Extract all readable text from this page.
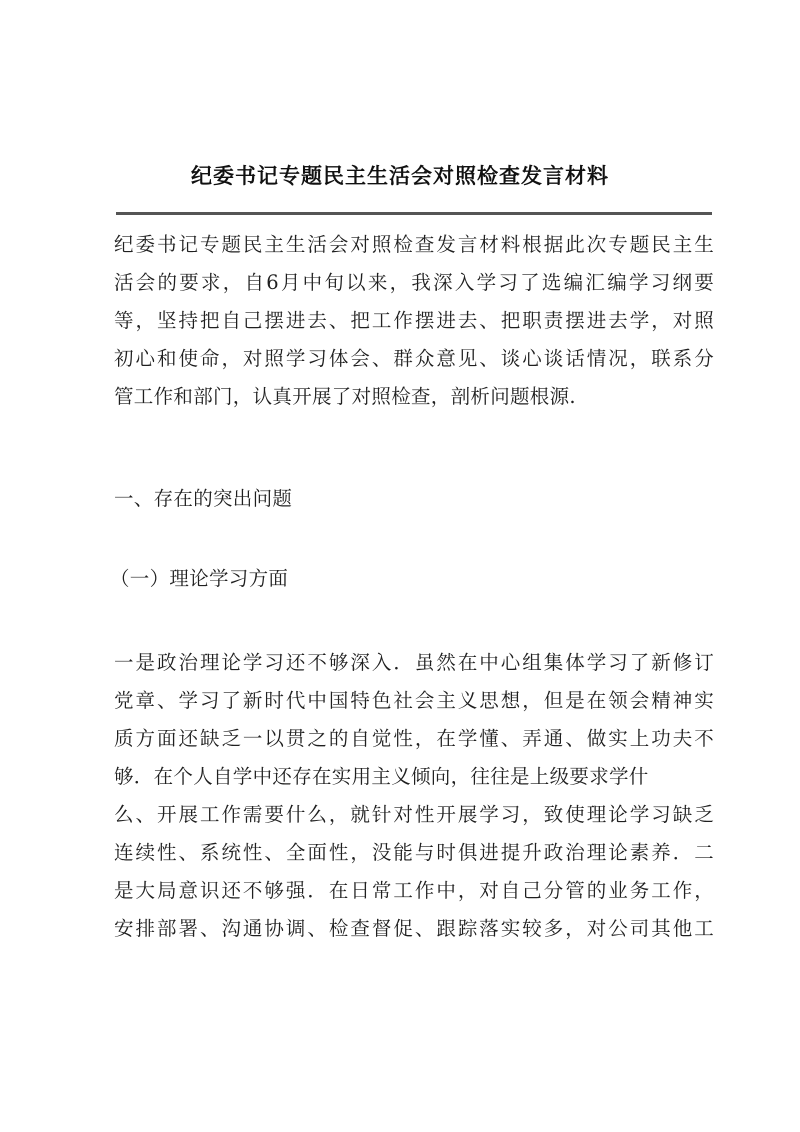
纪委书记专题民主生活会对照检查发言材料
纪委书记专题民主生活会对照检查发言材料根据此次专题民主生
活会的要求，自6月中旬以来，我深入学习了选编汇编学习纲要
等，坚持把自己摆进去、把工作摆进去、把职责摆进去学，对照
初心和使命，对照学习体会、群众意见、谈心谈话情况，联系分
管工作和部门，认真开展了对照检查，剖析问题根源.
一、存在的突出问题
（一）理论学习方面
一是政治理论学习还不够深入．虽然在中心组集体学习了新修订
党章、学习了新时代中国特色社会主义思想，但是在领会精神实
质方面还缺乏一以贯之的自觉性，在学懂、弄通、做实上功夫不
够．在个人自学中还存在实用主义倾向，往往是上级要求学什
么、开展工作需要什么，就针对性开展学习，致使理论学习缺乏
连续性、系统性、全面性，没能与时俱进提升政治理论素养．二
是大局意识还不够强．在日常工作中，对自己分管的业务工作，
安排部署、沟通协调、检查督促、跟踪落实较多，对公司其他工
